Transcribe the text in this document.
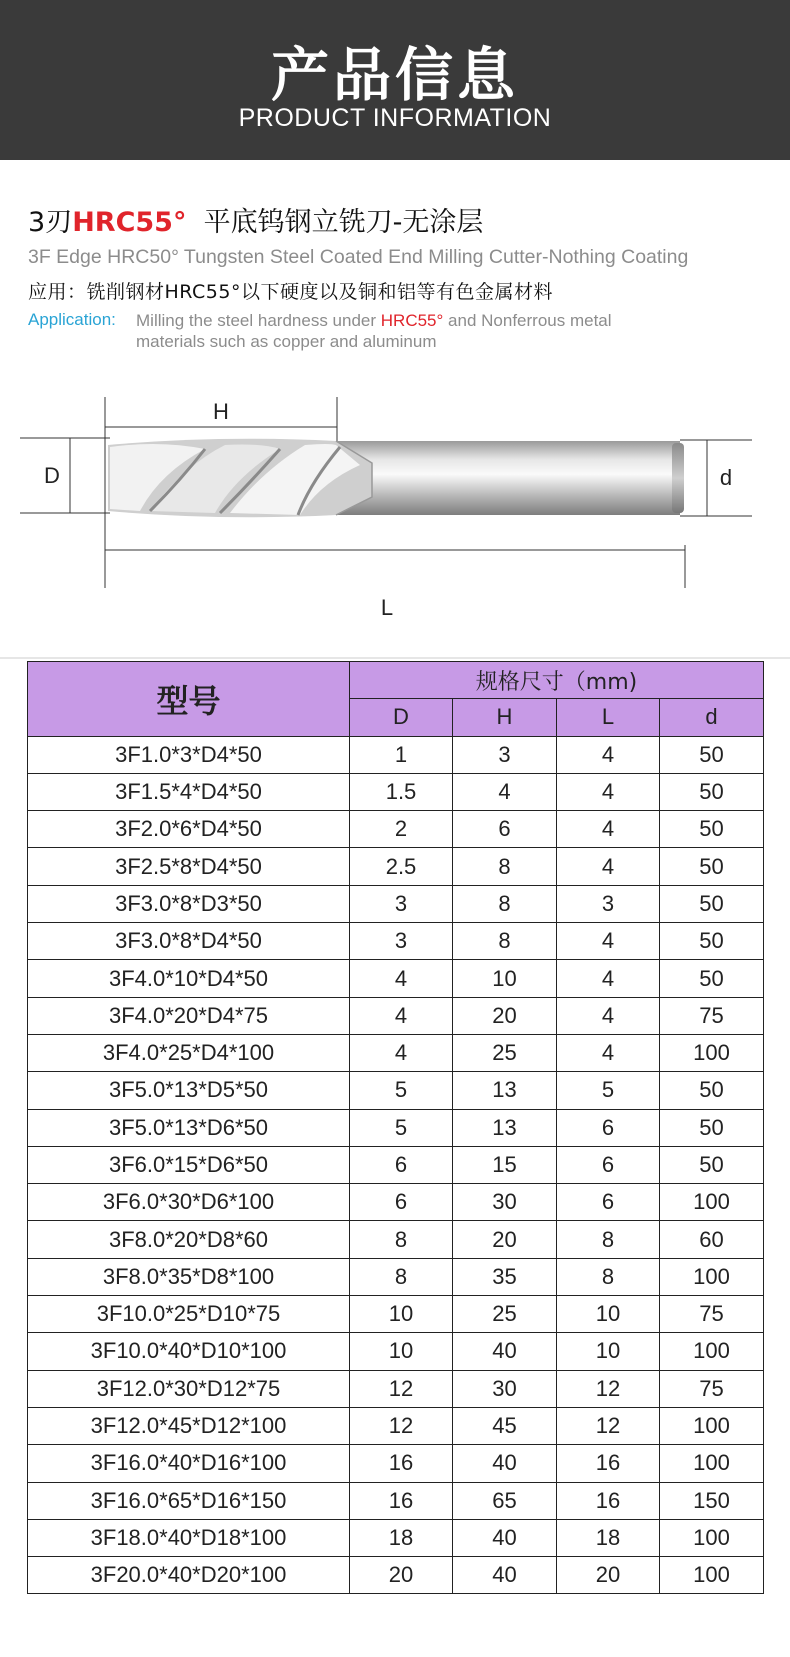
产品信息
PRODUCT INFORMATION
3刃HRC55° 平底钨钢立铣刀-无涂层
3F Edge HRC50° Tungsten Steel Coated End Milling Cutter-Nothing Coating
应用：铣削钢材HRC55°以下硬度以及铜和铝等有色金属材料
Application: Milling the steel hardness under HRC55° and Nonferrous metal
materials such as copper and aluminum
H
D	d
L
型号	规格尺寸（mm)			
	D	H	L	d
3F1.0*3*D4*50	1	3	4	50
3F1.5*4*D4*50	1.5	4	4	50
3F2.0*6*D4*50	2	6	4	50
3F2.5*8*D4*50	2.5	8	4	50
3F3.0*8*D3*50	3	8	3	50
3F3.0*8*D4*50	3	8	4	50
3F4.0*10*D4*50	4	10	4	50
3F4.0*20*D4*75	4	20	4	75
3F4.0*25*D4*100	4	25	4	100
3F5.0*13*D5*50	5	13	5	50
3F5.0*13*D6*50	5	13	6	50
3F6.0*15*D6*50	6	15	6	50
3F6.0*30*D6*100	6	30	6	100
3F8.0*20*D8*60	8	20	8	60
3F8.0*35*D8*100	8	35	8	100
3F10.0*25*D10*75	10	25	10	75
3F10.0*40*D10*100	10	40	10	100
3F12.0*30*D12*75	12	30	12	75
3F12.0*45*D12*100	12	45	12	100
3F16.0*40*D16*100	16	40	16	100
3F16.0*65*D16*150	16	65	16	150
3F18.0*40*D18*100	18	40	18	100
3F20.0*40*D20*100	20	40	20	100
